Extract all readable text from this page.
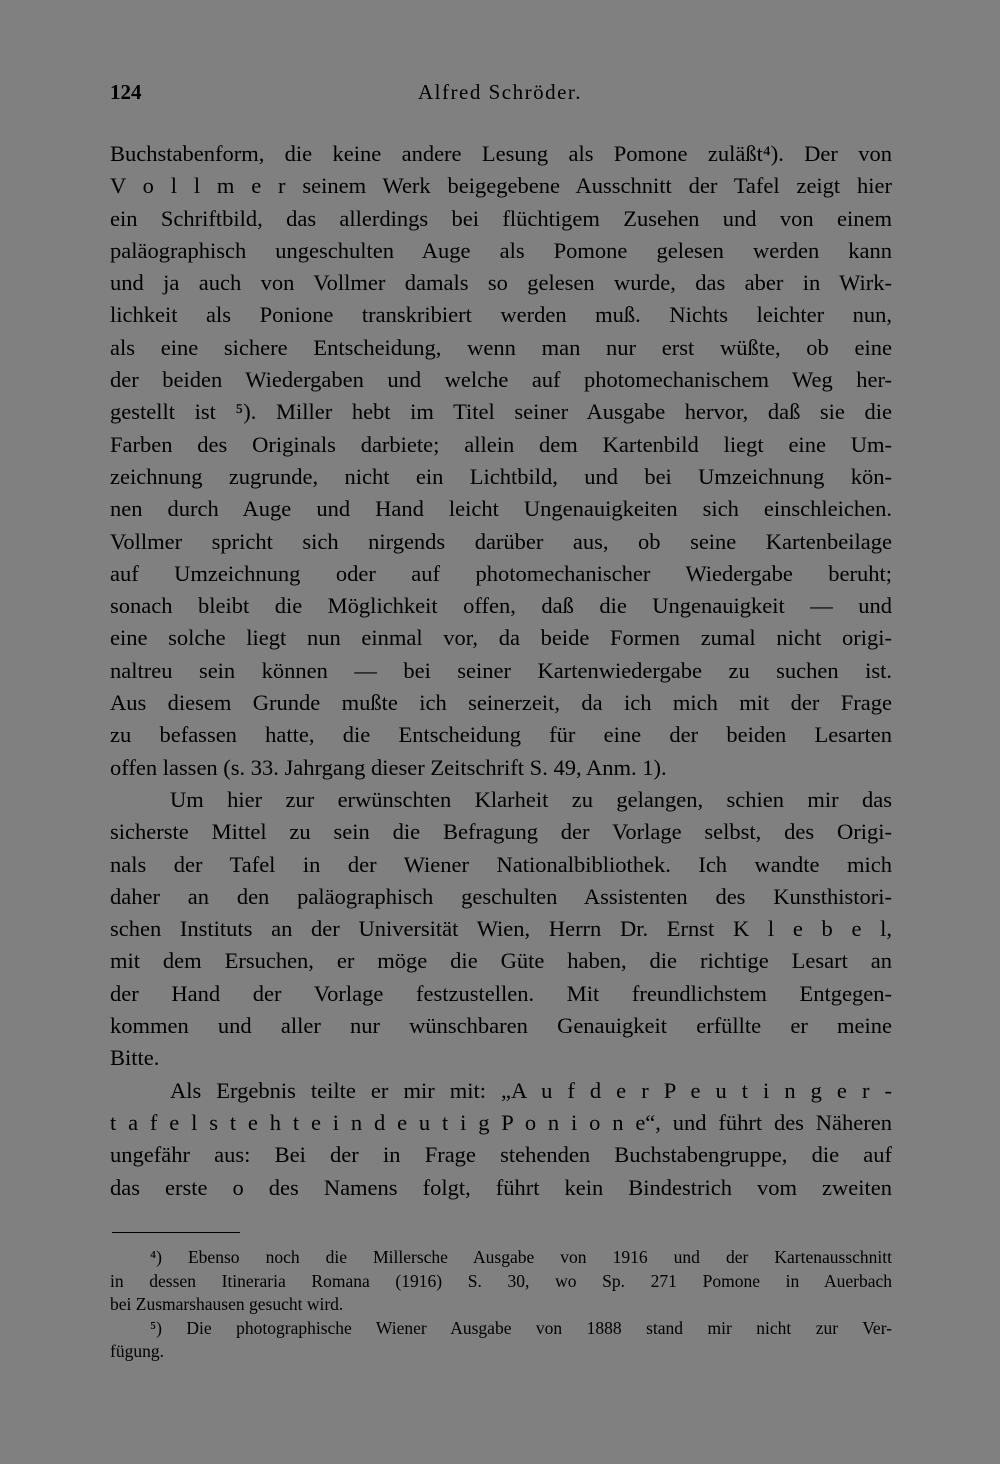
124	Alfred Schröder.
Buchstabenform, die keine andere Lesung als Pomone zuläßt⁴). Der von
V o l l m e r seinem Werk beigegebene Ausschnitt der Tafel zeigt hier
ein Schriftbild, das allerdings bei flüchtigem Zusehen und von einem
paläographisch ungeschulten Auge als Pomone gelesen werden kann
und ja auch von Vollmer damals so gelesen wurde, das aber in Wirk-
lichkeit als Ponione transkribiert werden muß. Nichts leichter nun,
als eine sichere Entscheidung, wenn man nur erst wüßte, ob eine
der beiden Wiedergaben und welche auf photomechanischem Weg her-
gestellt ist ⁵). Miller hebt im Titel seiner Ausgabe hervor, daß sie die
Farben des Originals darbiete; allein dem Kartenbild liegt eine Um-
zeichnung zugrunde, nicht ein Lichtbild, und bei Umzeichnung kön-
nen durch Auge und Hand leicht Ungenauigkeiten sich einschleichen.
Vollmer spricht sich nirgends darüber aus, ob seine Kartenbeilage
auf Umzeichnung oder auf photomechanischer Wiedergabe beruht;
sonach bleibt die Möglichkeit offen, daß die Ungenauigkeit — und
eine solche liegt nun einmal vor, da beide Formen zumal nicht origi-
naltreu sein können — bei seiner Kartenwiedergabe zu suchen ist.
Aus diesem Grunde mußte ich seinerzeit, da ich mich mit der Frage
zu befassen hatte, die Entscheidung für eine der beiden Lesarten
offen lassen (s. 33. Jahrgang dieser Zeitschrift S. 49, Anm. 1).
Um hier zur erwünschten Klarheit zu gelangen, schien mir das
sicherste Mittel zu sein die Befragung der Vorlage selbst, des Origi-
nals der Tafel in der Wiener Nationalbibliothek. Ich wandte mich
daher an den paläographisch geschulten Assistenten des Kunsthistori-
schen Instituts an der Universität Wien, Herrn Dr. Ernst K l e b e l,
mit dem Ersuchen, er möge die Güte haben, die richtige Lesart an
der Hand der Vorlage festzustellen. Mit freundlichstem Entgegen-
kommen und aller nur wünschbaren Genauigkeit erfüllte er meine
Bitte.
Als Ergebnis teilte er mir mit: „A u f d e r P e u t i n g e r -
t a f e l s t e h t e i n d e u t i g P o n i o n e“, und führt des Näheren
ungefähr aus: Bei der in Frage stehenden Buchstabengruppe, die auf
das erste o des Namens folgt, führt kein Bindestrich vom zweiten
⁴) Ebenso noch die Millersche Ausgabe von 1916 und der Kartenausschnitt
in dessen Itineraria Romana (1916) S. 30, wo Sp. 271 Pomone in Auerbach
bei Zusmarshausen gesucht wird.
⁵) Die photographische Wiener Ausgabe von 1888 stand mir nicht zur Ver-
fügung.
